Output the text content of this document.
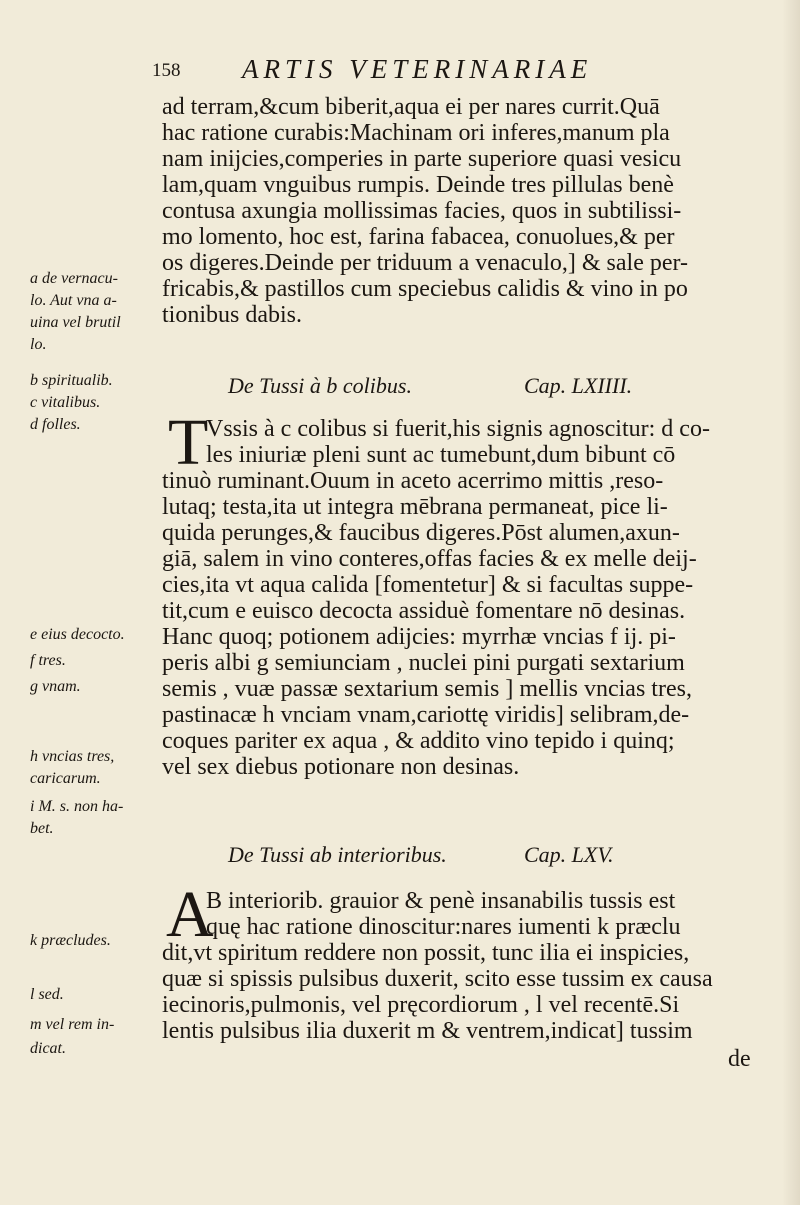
158 ARTIS VETERINARIAE
ad terram,&cum biberit,aqua ei per nares currit.Quā
hac ratione curabis:Machinam ori inferes,manum pla
nam inijcies,comperies in parte superiore quasi vesicu
lam,quam vnguibus rumpis. Deinde tres pillulas benè
contusa axungia mollissimas facies, quos in subtilissi-
mo lomento, hoc est, farina fabacea, conuolues,& per
os digeres.Deinde per triduum a venaculo,] & sale per-
fricabis,& pastillos cum speciebus calidis & vino in po
tionibus dabis.
De Tussi à b colibus.	Cap. LXIIII.
T
Vssis à c colibus si fuerit,his signis agnoscitur: d co-
les iniuriæ pleni sunt ac tumebunt,dum bibunt cō
tinuò ruminant.Ouum in aceto acerrimo mittis ,reso-
lutaq; testa,ita ut integra mēbrana permaneat, pice li-
quida perunges,& faucibus digeres.Pōst alumen,axun-
giā, salem in vino conteres,offas facies & ex melle deij-
cies,ita vt aqua calida [fomentetur] & si facultas suppe-
tit,cum e euisco decocta assiduè fomentare nō desinas.
Hanc quoq; potionem adijcies: myrrhæ vncias f ij. pi-
peris albi g semiunciam , nuclei pini purgati sextarium
semis , vuæ passæ sextarium semis ] mellis vncias tres,
pastinacæ h vnciam vnam,cariottę viridis] selibram,de-
coques pariter ex aqua , & addito vino tepido i quinq;
vel sex diebus potionare non desinas.
De Tussi ab interioribus.	Cap. LXV.
A
B interiorib. grauior & penè insanabilis tussis est
quę hac ratione dinoscitur:nares iumenti k præclu
dit,vt spiritum reddere non possit, tunc ilia ei inspicies,
quæ si spissis pulsibus duxerit, scito esse tussim ex causa
iecinoris,pulmonis, vel pręcordiorum , l vel recentē.Si
lentis pulsibus ilia duxerit m & ventrem,indicat] tussim
de
a de vernacu-
lo. Aut vna a-
uina vel brutil
lo.
b spiritualib.
c vitalibus.
d folles.
e eius decocto.
f tres.
g vnam.
h vncias tres,
caricarum.
i M. s. non ha-
bet.
k præcludes.
l sed.
m vel rem in-
dicat.
